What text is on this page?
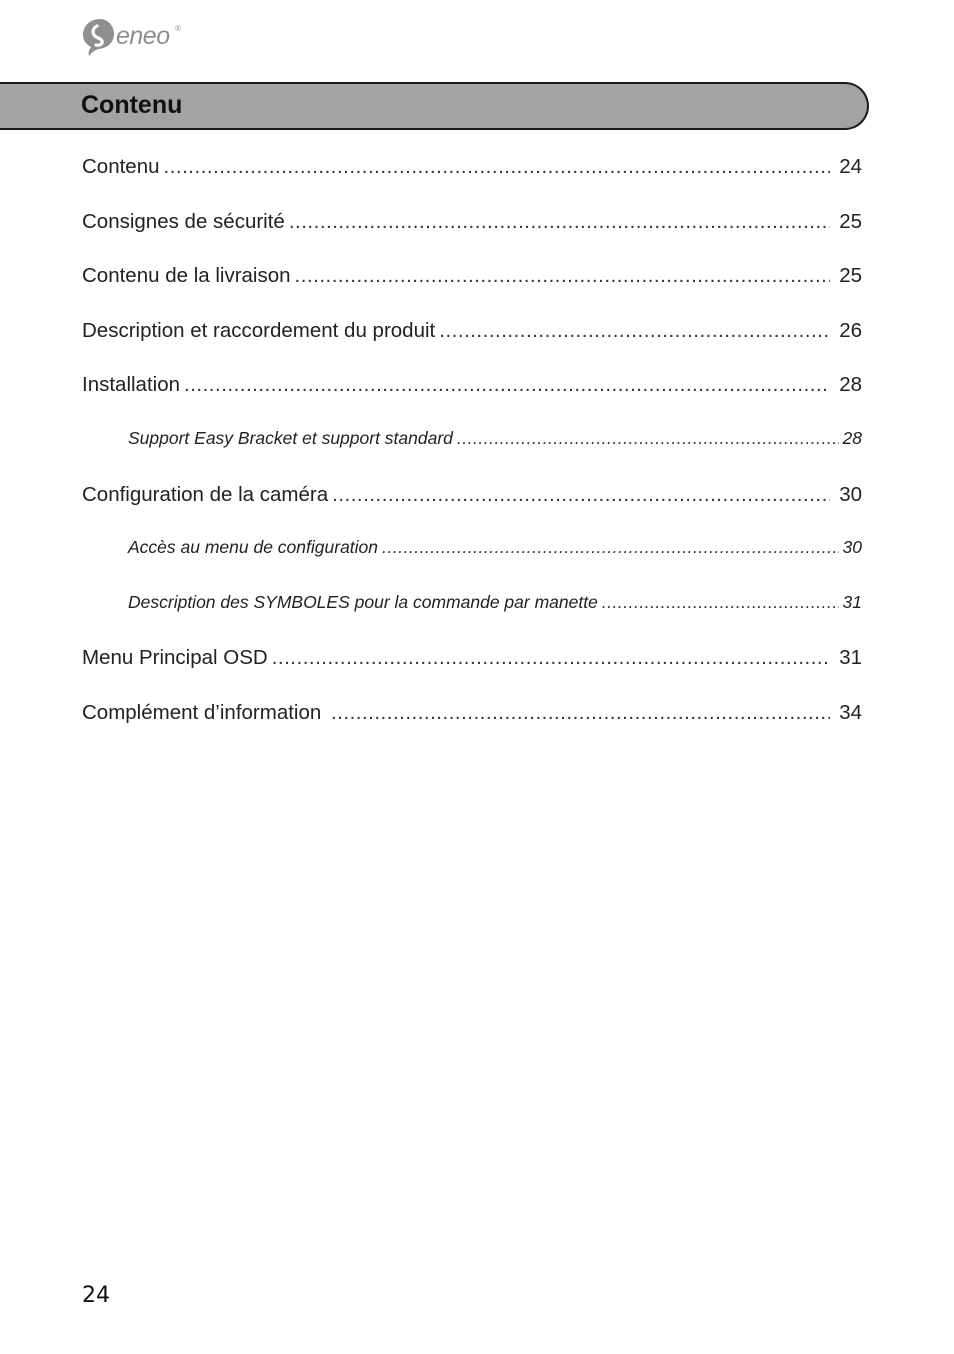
eneo ®
Contenu
Contenu .....	24
Consignes de sécurité .....	25
Contenu de la livraison .....	25
Description et raccordement du produit .....	26
Installation .....	28
Support Easy Bracket et support standard .....	28
Configuration de la caméra .....	30
Accès au menu de configuration .....	30
Description des SYMBOLES pour la commande par manette .....	31
Menu Principal OSD .....	31
Complément d’information .....	34
24
